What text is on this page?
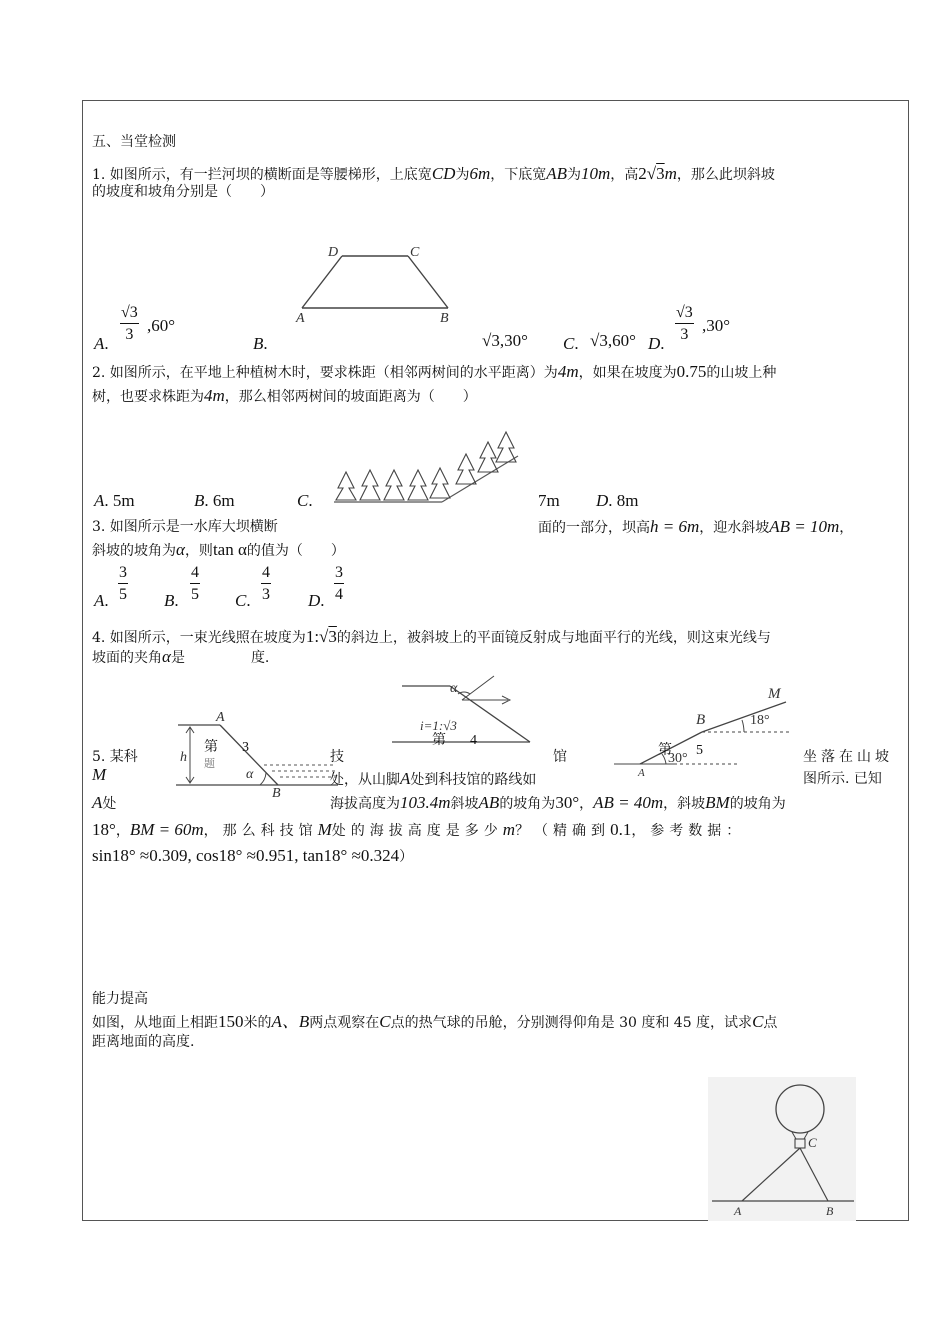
五、当堂检测
1. 如图所示，有一拦河坝的横断面是等腰梯形，上底宽CD为6m，下底宽AB为10m，高2√3m，那么此坝斜坡
的坡度和坡角分别是（　　）
D	C
A	B
A. $\frac{√3}{3} ,60^\circ$
B.	√3,30° C. √3,60° D. $\frac{√3}{3} ,30^\circ$
2. 如图所示，在平地上种植树木时，要求株距（相邻两树间的水平距离）为4m，如果在坡度为0.75的山坡上种
树，也要求株距为4m，那么相邻两树间的坡面距离为（　　）
A. 5m	B. 6m	C.	7m D. 8m
3. 如图所示是一水库大坝横断	面的一部分，坝高h = 6m，迎水斜坡AB = 10m，
斜坡的坡角为α，则tan α的值为（　　）
A. $\frac{3}{5} B$. $\frac{4}{5} C$. $\frac{4}{3} D$. $\frac{3}{4}$
4. 如图所示，一束光线照在坡度为1:√3的斜边上，被斜坡上的平面镜反射成与地面平行的光线，则这束光线与
坡面的夹角α是	度.
A
h
α
B
第 3
题
α
i=1:√3
第 4
M
B	18°
30°
A
第 5
5. 某科	技	馆	坐落在山坡
M	处，从山脚A处到科技馆的路线如	图所示. 已知
A处	海拔高度为103.4m斜坡AB的坡角为30°，AB = 40m，斜坡BM的坡角为
18°，BM = 60m，那么科技馆M处的海拔高度是多少m？（精确到0.1，参考数据：
sin18° ≈0.309, cos18° ≈0.951, tan18° ≈0.324）
能力提高
如图，从地面上相距150米的A、B两点观察在C点的热气球的吊舱，分别测得仰角是 30 度和 45 度，试求C点
距离地面的高度.
C
A	B
